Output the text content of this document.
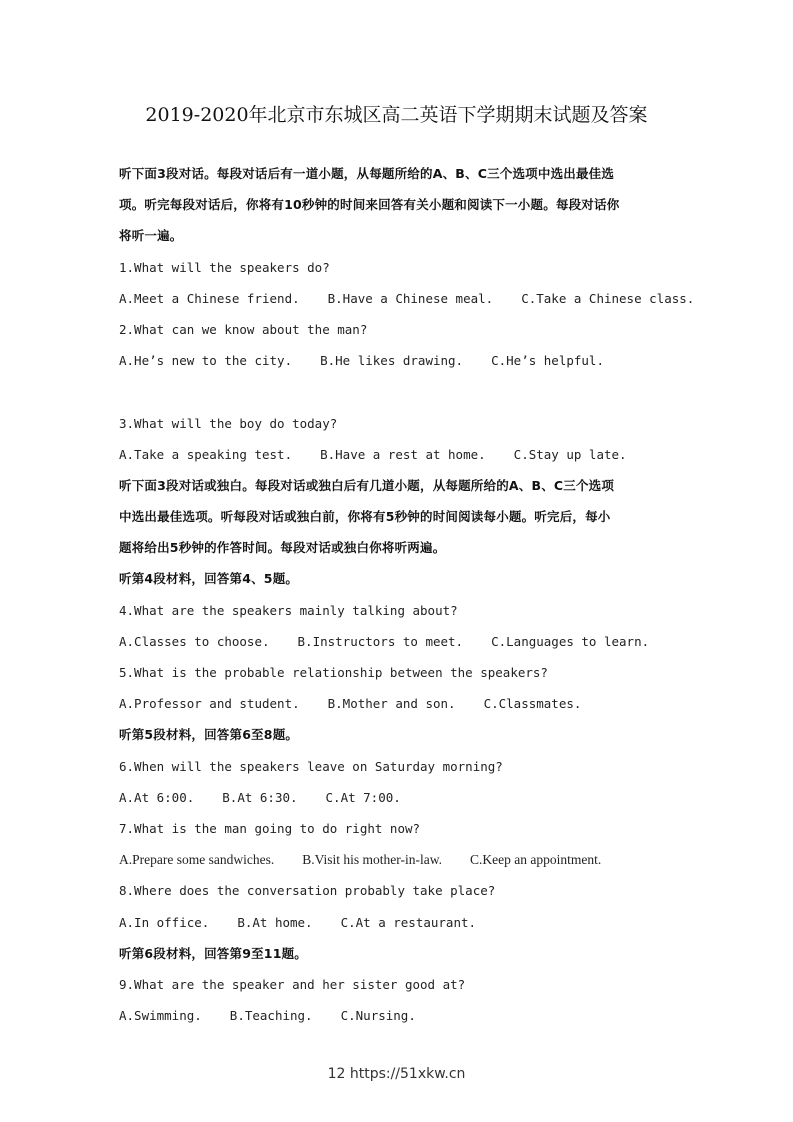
2019-2020年北京市东城区高二英语下学期期末试题及答案
听下面3段对话。每段对话后有一道小题，从每题所给的A、B、C三个选项中选出最佳选
项。听完每段对话后，你将有10秒钟的时间来回答有关小题和阅读下一小题。每段对话你
将听一遍。
1.What will the speakers do?
A.Meet a Chinese friend. B.Have a Chinese meal. C.Take a Chinese class.
2.What can we know about the man?
A.He’s new to the city. B.He likes drawing. C.He’s helpful.
3.What will the boy do today?
A.Take a speaking test. B.Have a rest at home. C.Stay up late.
听下面3段对话或独白。每段对话或独白后有几道小题，从每题所给的A、B、C三个选项
中选出最佳选项。听每段对话或独白前，你将有5秒钟的时间阅读每小题。听完后，每小
题将给出5秒钟的作答时间。每段对话或独白你将听两遍。
听第4段材料，回答第4、5题。
4.What are the speakers mainly talking about?
A.Classes to choose. B.Instructors to meet. C.Languages to learn.
5.What is the probable relationship between the speakers?
A.Professor and student. B.Mother and son. C.Classmates.
听第5段材料，回答第6至8题。
6.When will the speakers leave on Saturday morning?
A.At 6:00. B.At 6:30. C.At 7:00.
7.What is the man going to do right now?
A.Prepare some sandwiches. B.Visit his mother-in-law. C.Keep an appointment.
8.Where does the conversation probably take place?
A.In office. B.At home. C.At a restaurant.
听第6段材料，回答第9至11题。
9.What are the speaker and her sister good at?
A.Swimming. B.Teaching. C.Nursing.
12 https://51xkw.cn
